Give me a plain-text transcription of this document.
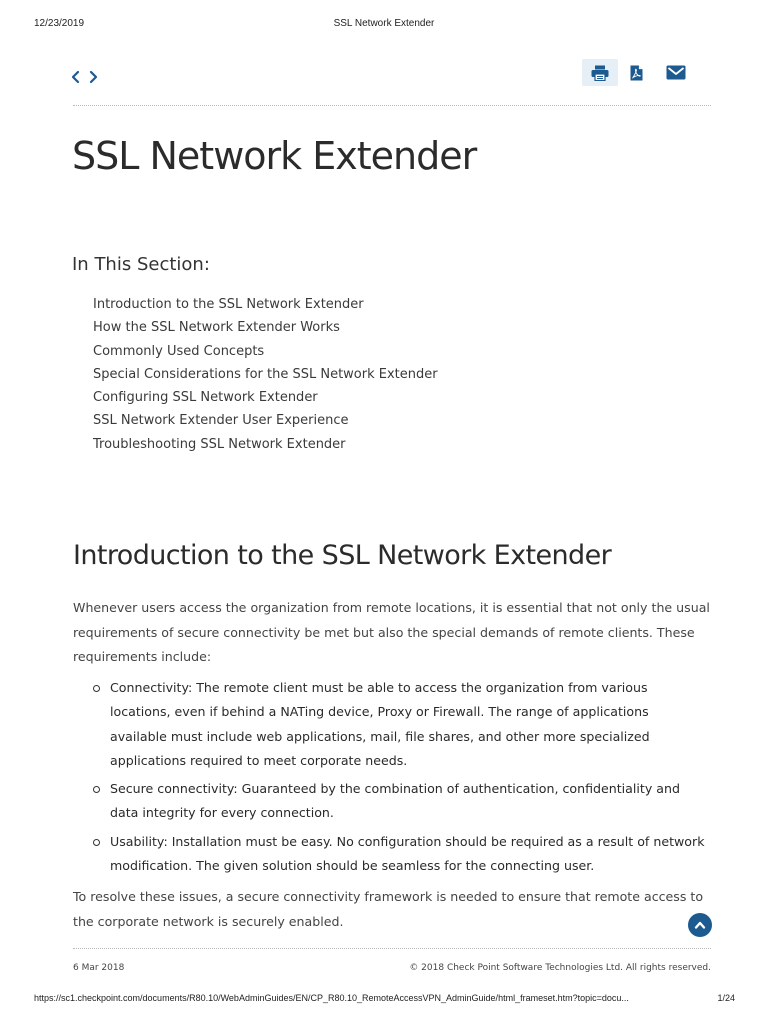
12/23/2019	SSL Network Extender

SSL Network Extender
In This Section:
Introduction to the SSL Network Extender
How the SSL Network Extender Works
Commonly Used Concepts
Special Considerations for the SSL Network Extender
Configuring SSL Network Extender
SSL Network Extender User Experience
Troubleshooting SSL Network Extender
Introduction to the SSL Network Extender

Whenever users access the organization from remote locations, it is essential that not only the usual requirements of secure connectivity be met but also the special demands of remote clients. These requirements include:

Connectivity: The remote client must be able to access the organization from various locations, even if behind a NATing device, Proxy or Firewall. The range of applications available must include web applications, mail, file shares, and other more specialized applications required to meet corporate needs.
Secure connectivity: Guaranteed by the combination of authentication, confidentiality and data integrity for every connection.
Usability: Installation must be easy. No configuration should be required as a result of network modification. The given solution should be seamless for the connecting user.

To resolve these issues, a secure connectivity framework is needed to ensure that remote access to the corporate network is securely enabled.

6 Mar 2018	© 2018 Check Point Software Technologies Ltd. All rights reserved.
https://sc1.checkpoint.com/documents/R80.10/WebAdminGuides/EN/CP_R80.10_RemoteAccessVPN_AdminGuide/html_frameset.htm?topic=docu...	1/24
